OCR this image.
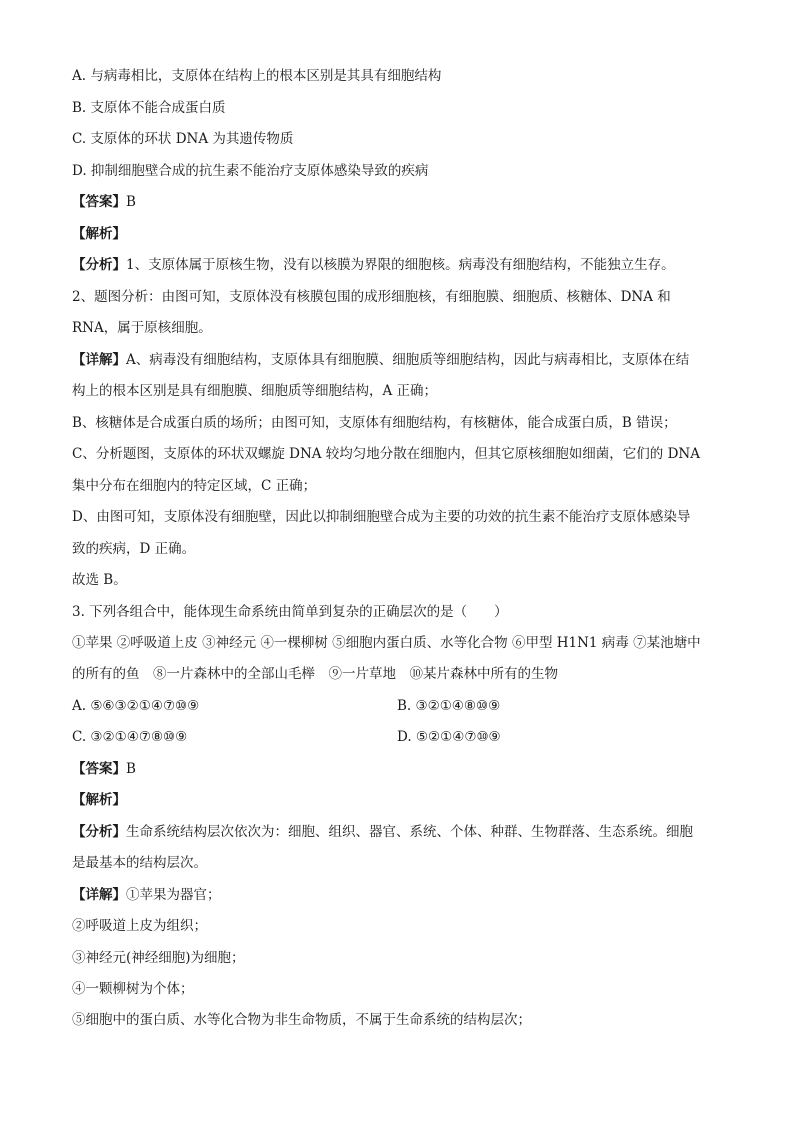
A. 与病毒相比，支原体在结构上的根本区别是其具有细胞结构
B. 支原体不能合成蛋白质
C. 支原体的环状 DNA 为其遗传物质
D. 抑制细胞壁合成的抗生素不能治疗支原体感染导致的疾病
【答案】B
【解析】
【分析】1、支原体属于原核生物，没有以核膜为界限的细胞核。病毒没有细胞结构，不能独立生存。
2、题图分析：由图可知，支原体没有核膜包围的成形细胞核，有细胞膜、细胞质、核糖体、DNA 和
RNA，属于原核细胞。
【详解】A、病毒没有细胞结构，支原体具有细胞膜、细胞质等细胞结构，因此与病毒相比，支原体在结
构上的根本区别是具有细胞膜、细胞质等细胞结构，A 正确；
B、核糖体是合成蛋白质的场所；由图可知，支原体有细胞结构，有核糖体，能合成蛋白质，B 错误；
C、分析题图，支原体的环状双螺旋 DNA 较均匀地分散在细胞内，但其它原核细胞如细菌，它们的 DNA
集中分布在细胞内的特定区域，C 正确；
D、由图可知，支原体没有细胞壁，因此以抑制细胞壁合成为主要的功效的抗生素不能治疗支原体感染导
致的疾病，D 正确。
故选 B。
3. 下列各组合中，能体现生命系统由简单到复杂的正确层次的是（　　）
①苹果 ②呼吸道上皮 ③神经元 ④一棵柳树 ⑤细胞内蛋白质、水等化合物 ⑥甲型 H1N1 病毒 ⑦某池塘中
的所有的鱼　⑧一片森林中的全部山毛榉　⑨一片草地　⑩某片森林中所有的生物
A. ⑤⑥③②①④⑦⑩⑨	B. ③②①④⑧⑩⑨
C. ③②①④⑦⑧⑩⑨	D. ⑤②①④⑦⑩⑨
【答案】B
【解析】
【分析】生命系统结构层次依次为：细胞、组织、器官、系统、个体、种群、生物群落、生态系统。细胞
是最基本的结构层次。
【详解】①苹果为器官；
②呼吸道上皮为组织；
③神经元(神经细胞)为细胞；
④一颗柳树为个体；
⑤细胞中的蛋白质、水等化合物为非生命物质，不属于生命系统的结构层次；
